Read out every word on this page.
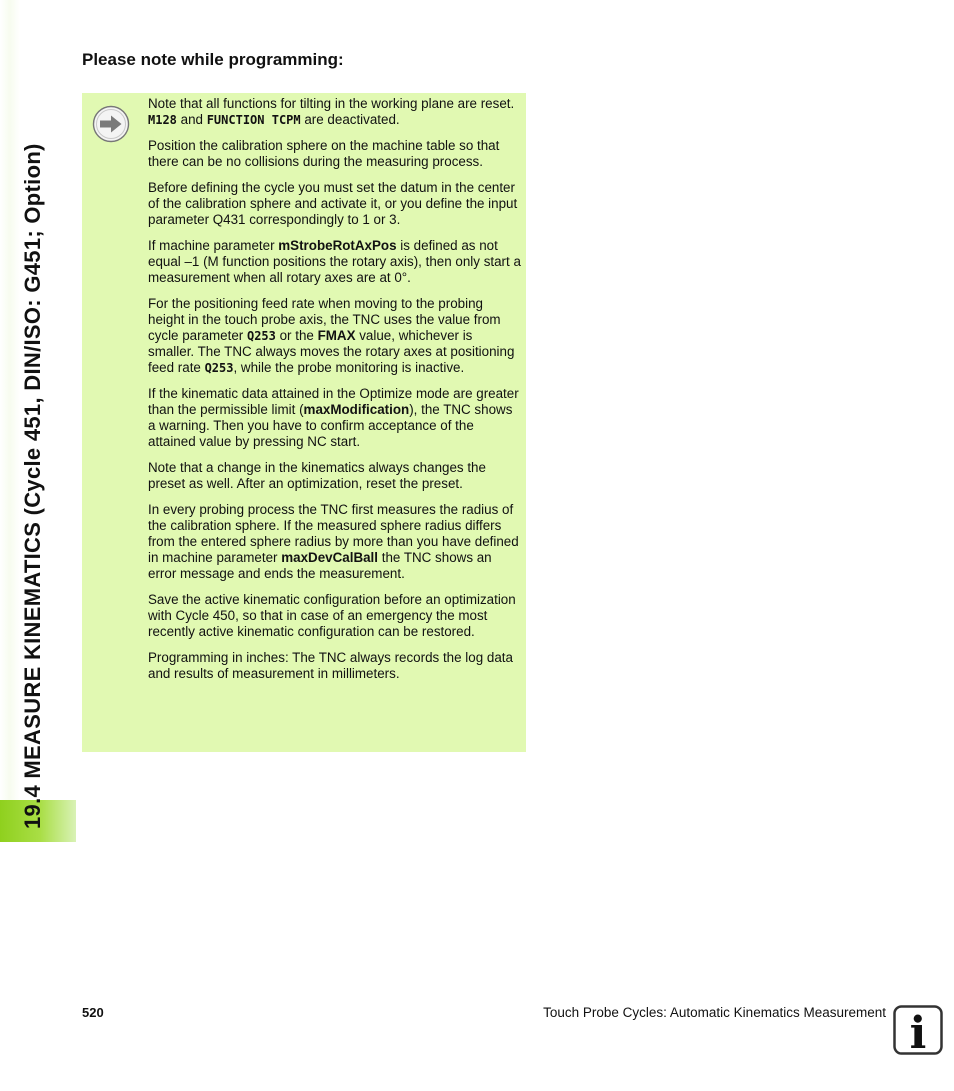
19.4 MEASURE KINEMATICS (Cycle 451, DIN/ISO: G451; Option)
Please note while programming:

Note that all functions for tilting in the working plane are reset. M128 and FUNCTION TCPM are deactivated.

Position the calibration sphere on the machine table so that there can be no collisions during the measuring process.

Before defining the cycle you must set the datum in the center of the calibration sphere and activate it, or you define the input parameter Q431 correspondingly to 1 or 3.

If machine parameter mStrobeRotAxPos is defined as not equal –1 (M function positions the rotary axis), then only start a measurement when all rotary axes are at 0°.

For the positioning feed rate when moving to the probing height in the touch probe axis, the TNC uses the value from cycle parameter Q253 or the FMAX value, whichever is smaller. The TNC always moves the rotary axes at positioning feed rate Q253, while the probe monitoring is inactive.

If the kinematic data attained in the Optimize mode are greater than the permissible limit (maxModification), the TNC shows a warning. Then you have to confirm acceptance of the attained value by pressing NC start.

Note that a change in the kinematics always changes the preset as well. After an optimization, reset the preset.

In every probing process the TNC first measures the radius of the calibration sphere. If the measured sphere radius differs from the entered sphere radius by more than you have defined in machine parameter maxDevCalBall the TNC shows an error message and ends the measurement.

Save the active kinematic configuration before an optimization with Cycle 450, so that in case of an emergency the most recently active kinematic configuration can be restored.

Programming in inches: The TNC always records the log data and results of measurement in millimeters.

520	Touch Probe Cycles: Automatic Kinematics Measurement i
